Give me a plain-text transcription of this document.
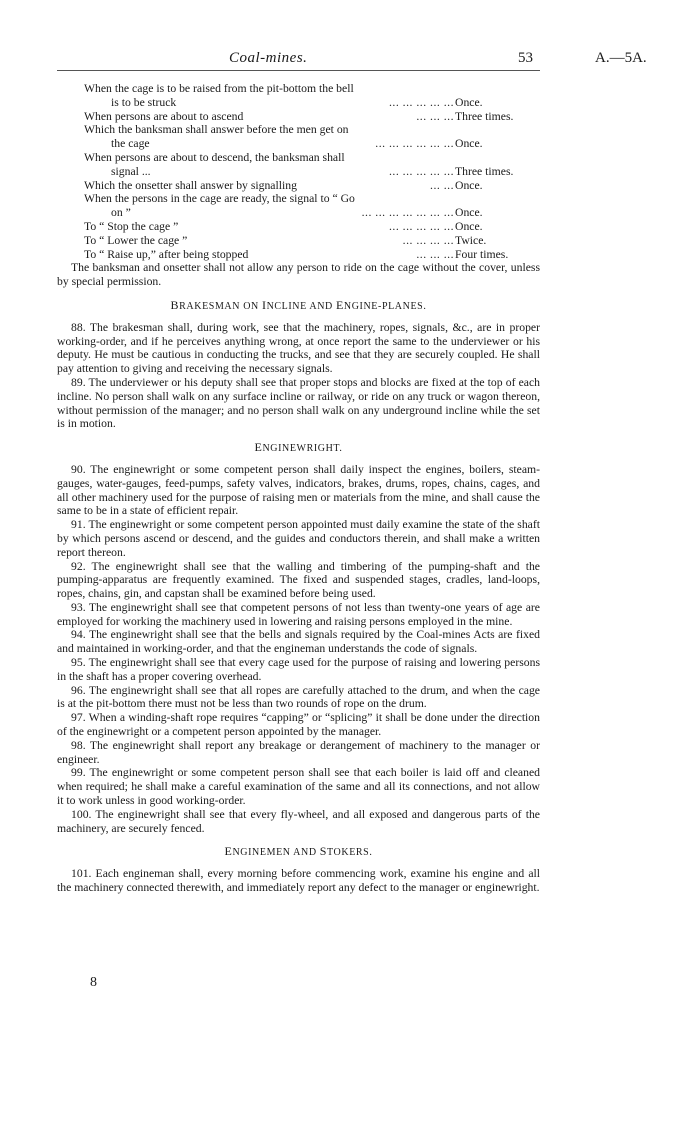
Coal-mines.	53	A.—5A.
When the cage is to be raised from the pit-bottom the bell
is to be struck	... ... ... ... ... Once.
When persons are about to ascend	... ... ... Three times.
Which the banksman shall answer before the men get on
the cage	... ... ... ... ... ... Once.
When persons are about to descend, the banksman shall
signal ...	... ... ... ... ... Three times.
Which the onsetter shall answer by signalling	... ... Once.
When the persons in the cage are ready, the signal to “ Go
on ”	... ... ... ... ... ... ... Once.
To “ Stop the cage ”	... ... ... ... ... Once.
To “ Lower the cage ”	... ... ... ... Twice.
To “ Raise up,” after being stopped	... ... ... Four times.

The banksman and onsetter shall not allow any person to ride on the cage without the cover, unless by special permission.

BRAKESMAN ON INCLINE AND ENGINE-PLANES.

88. The brakesman shall, during work, see that the machinery, ropes, signals, &c., are in proper working-order, and if he perceives anything wrong, at once report the same to the underviewer or his deputy. He must be cautious in conducting the trucks, and see that they are securely coupled. He shall pay attention to giving and receiving the necessary signals.

89. The underviewer or his deputy shall see that proper stops and blocks are fixed at the top of each incline. No person shall walk on any surface incline or railway, or ride on any truck or wagon thereon, without permission of the manager; and no person shall walk on any underground incline while the set is in motion.

ENGINEWRIGHT.

90. The enginewright or some competent person shall daily inspect the engines, boilers, steam-gauges, water-gauges, feed-pumps, safety valves, indicators, brakes, drums, ropes, chains, cages, and all other machinery used for the purpose of raising men or materials from the mine, and shall cause the same to be in a state of efficient repair.

91. The enginewright or some competent person appointed must daily examine the state of the shaft by which persons ascend or descend, and the guides and conductors therein, and shall make a written report thereon.

92. The enginewright shall see that the walling and timbering of the pumping-shaft and the pumping-apparatus are frequently examined. The fixed and suspended stages, cradles, land-loops, ropes, chains, gin, and capstan shall be examined before being used.

93. The enginewright shall see that competent persons of not less than twenty-one years of age are employed for working the machinery used in lowering and raising persons employed in the mine.

94. The enginewright shall see that the bells and signals required by the Coal-mines Acts are fixed and maintained in working-order, and that the engineman understands the code of signals.

95. The enginewright shall see that every cage used for the purpose of raising and lowering persons in the shaft has a proper covering overhead.

96. The enginewright shall see that all ropes are carefully attached to the drum, and when the cage is at the pit-bottom there must not be less than two rounds of rope on the drum.

97. When a winding-shaft rope requires “capping” or “splicing” it shall be done under the direction of the enginewright or a competent person appointed by the manager.

98. The enginewright shall report any breakage or derangement of machinery to the manager or engineer.

99. The enginewright or some competent person shall see that each boiler is laid off and cleaned when required; he shall make a careful examination of the same and all its connections, and not allow it to work unless in good working-order.

100. The enginewright shall see that every fly-wheel, and all exposed and dangerous parts of the machinery, are securely fenced.

ENGINEMEN AND STOKERS.

101. Each engineman shall, every morning before commencing work, examine his engine and all the machinery connected therewith, and immediately report any defect to the manager or enginewright.

8
